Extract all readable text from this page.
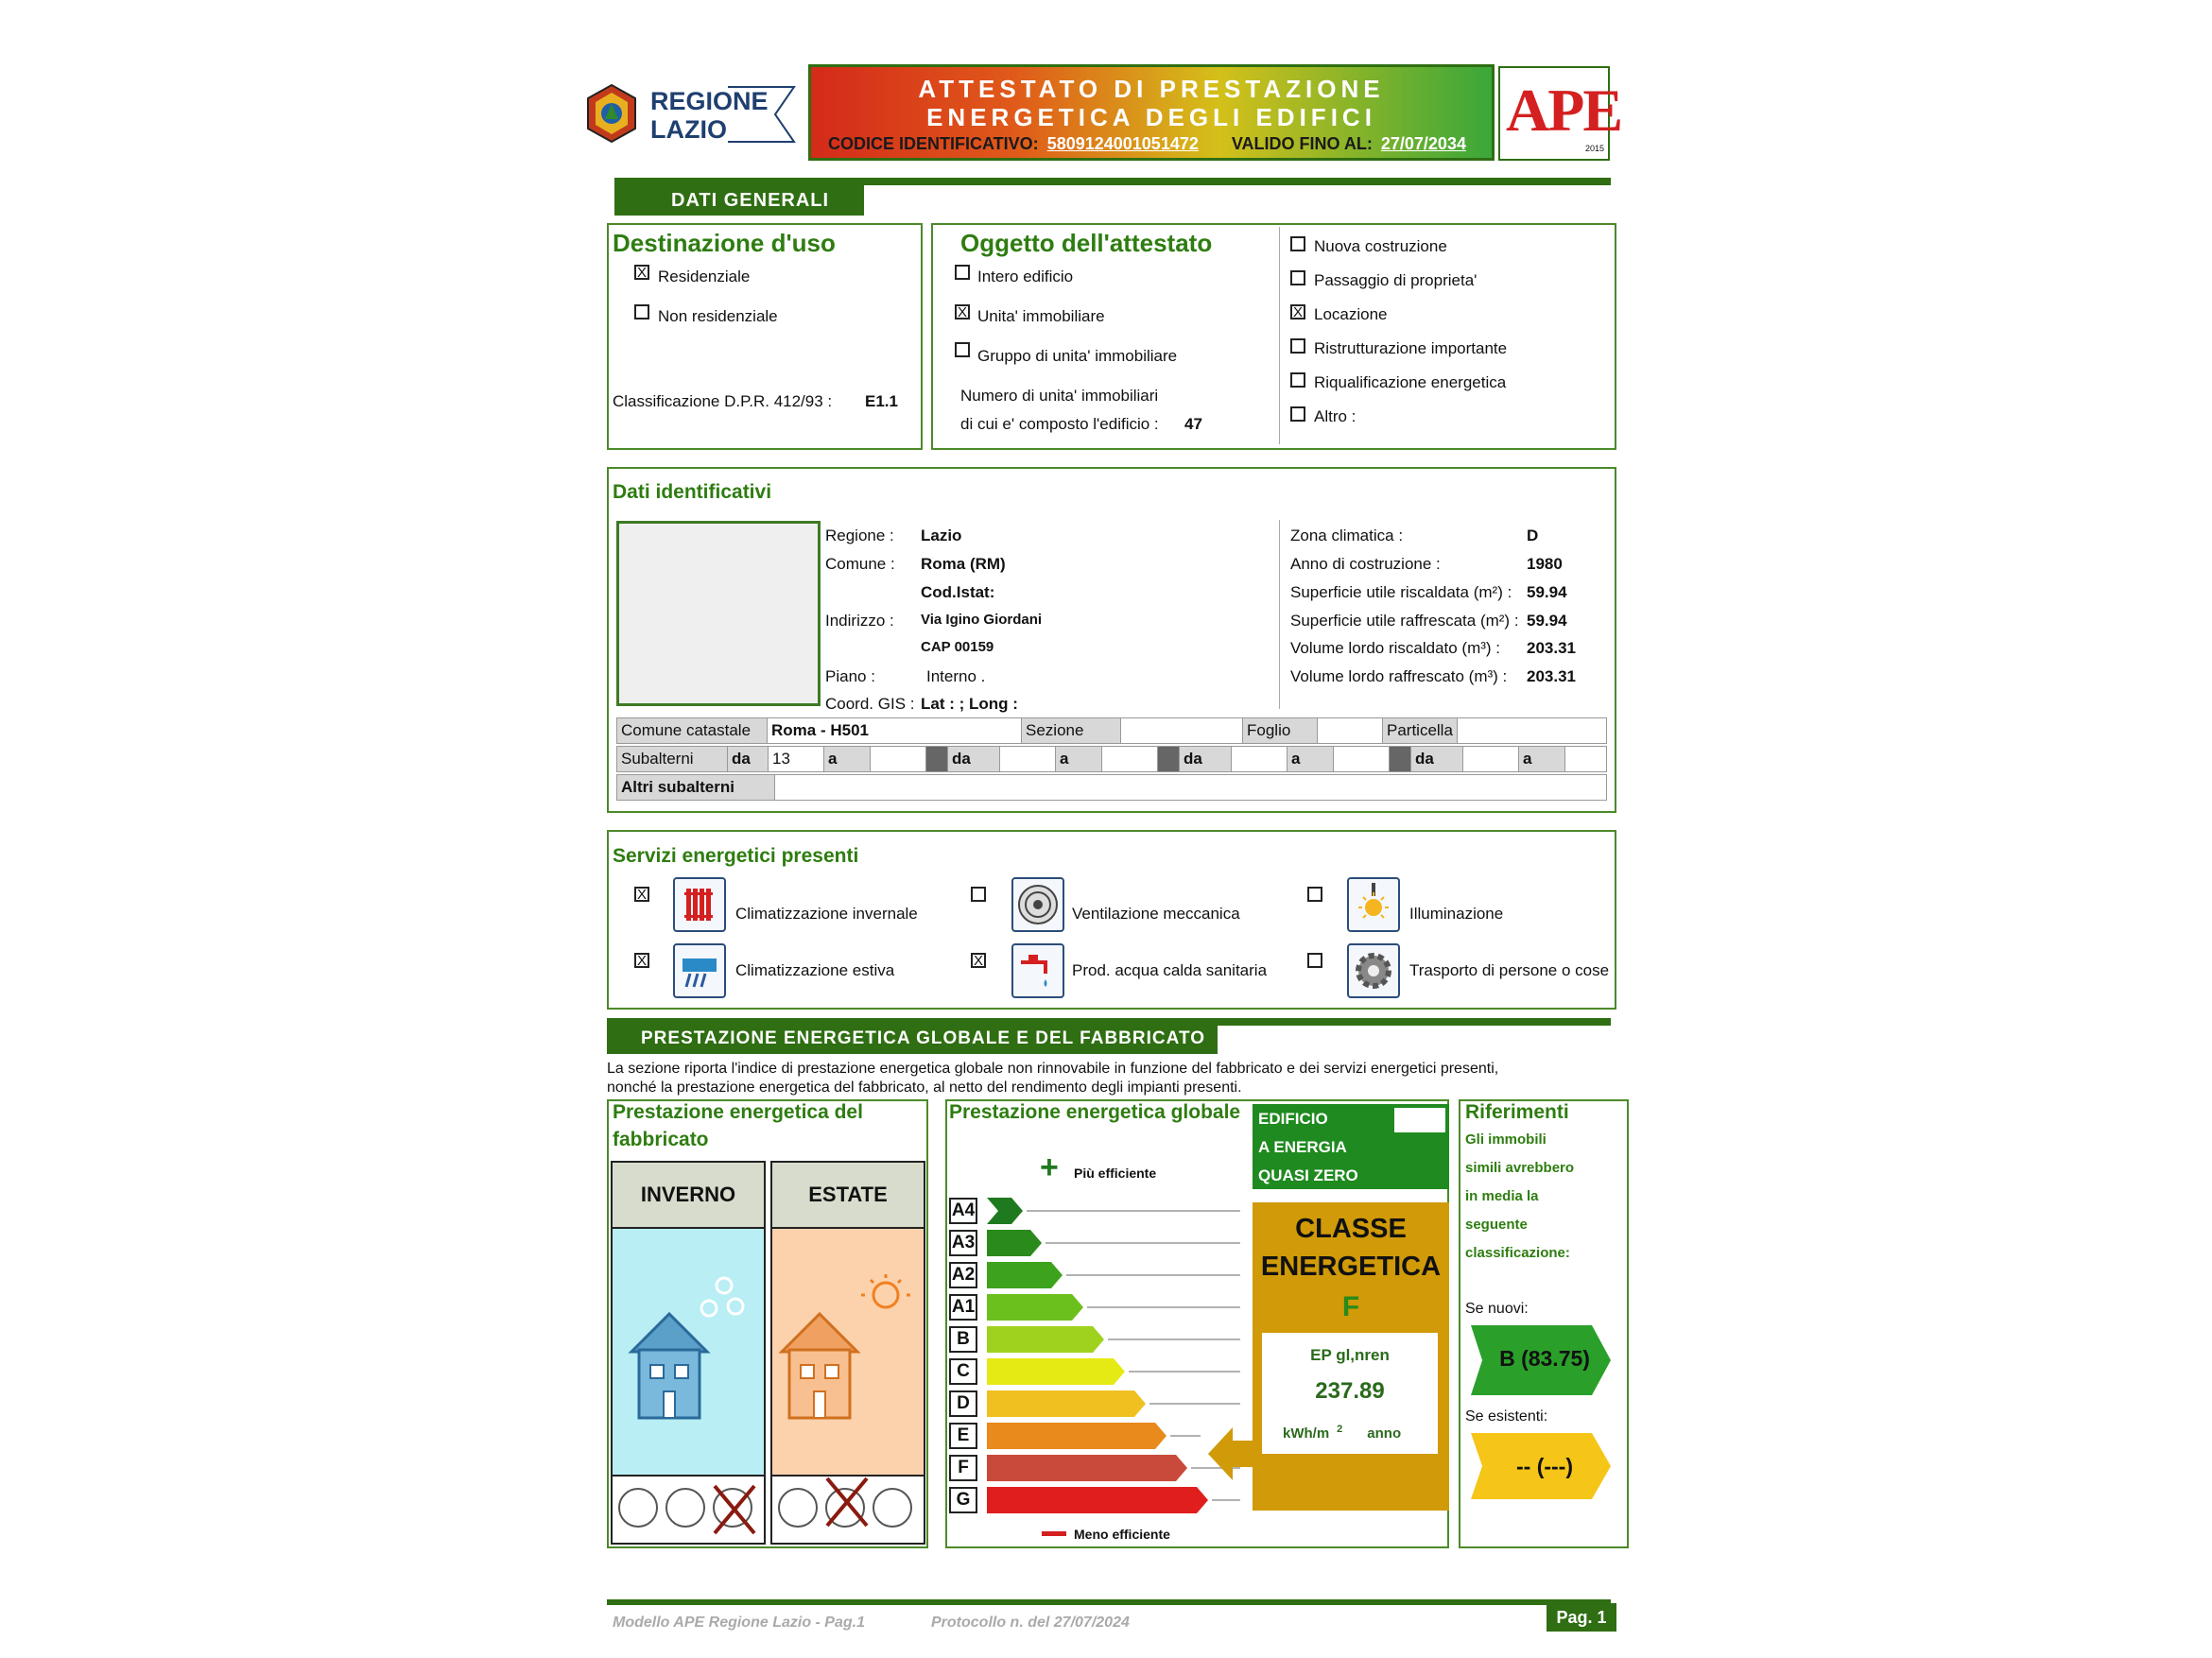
REGIONE
LAZIO
ATTESTATO DI PRESTAZIONE
ENERGETICA DEGLI EDIFICI
CODICE IDENTIFICATIVO: 5809124001051472 VALIDO FINO AL: 27/07/2034 APE
2015
DATI GENERALI
Destinazione d'uso
X Residenziale
Non residenziale
Classificazione D.P.R. 412/93 : E1.1
Oggetto dell'attestato
Intero edificio
X Unita' immobiliare
Gruppo di unita' immobiliare
Numero di unita' immobiliari
di cui e' composto l'edificio : 47
Nuova costruzione
Passaggio di proprieta'
X Locazione
Ristrutturazione importante
Riqualificazione energetica
Altro :
Dati identificativi
Regione : Lazio
Comune : Roma (RM)
Cod.Istat:
Indirizzo : Via Igino Giordani
CAP 00159
Piano :	Interno .
Coord. GIS : Lat : ; Long :
Zona climatica :	D
Anno di costruzione :	1980
Superficie utile riscaldata (m²) : 59.94
Superficie utile raffrescata (m²) : 59.94
Volume lordo riscaldato (m³) : 203.31
Volume lordo raffrescato (m³) : 203.31
Comune catastale	Roma - H501	Sezione		Foglio		Particella	
Subalterni	da	13	a			da		a			da		a			da		a	
Altri subalterni	
Servizi energetici presenti
X
Climatizzazione invernale	Ventilazione meccanica	Illuminazione
X
Climatizzazione estiva
X
Prod. acqua calda sanitaria	Trasporto di persone o cose
PRESTAZIONE ENERGETICA GLOBALE E DEL FABBRICATO
La sezione riporta l'indice di prestazione energetica globale non rinnovabile in funzione del fabbricato e dei servizi energetici presenti,
nonché la prestazione energetica del fabbricato, al netto del rendimento degli impianti presenti.
Prestazione energetica del
fabbricato
INVERNO	ESTATE
Prestazione energetica globale
+ Più efficiente
A4
A3
A2
A1
B
C
D
E
F
G
Meno efficiente
EDIFICIO
A ENERGIA
QUASI ZERO
CLASSE
ENERGETICA
F
EP gl,nren
237.89
kWh/m $^2$ anno
Riferimenti
Gli immobili
simili avrebbero
in media la
seguente
classificazione:
Se nuovi:
B (83.75)
Se esistenti:
-- (---)
Modello APE Regione Lazio - Pag.1	Protocollo n. del 27/07/2024	Pag. 1
